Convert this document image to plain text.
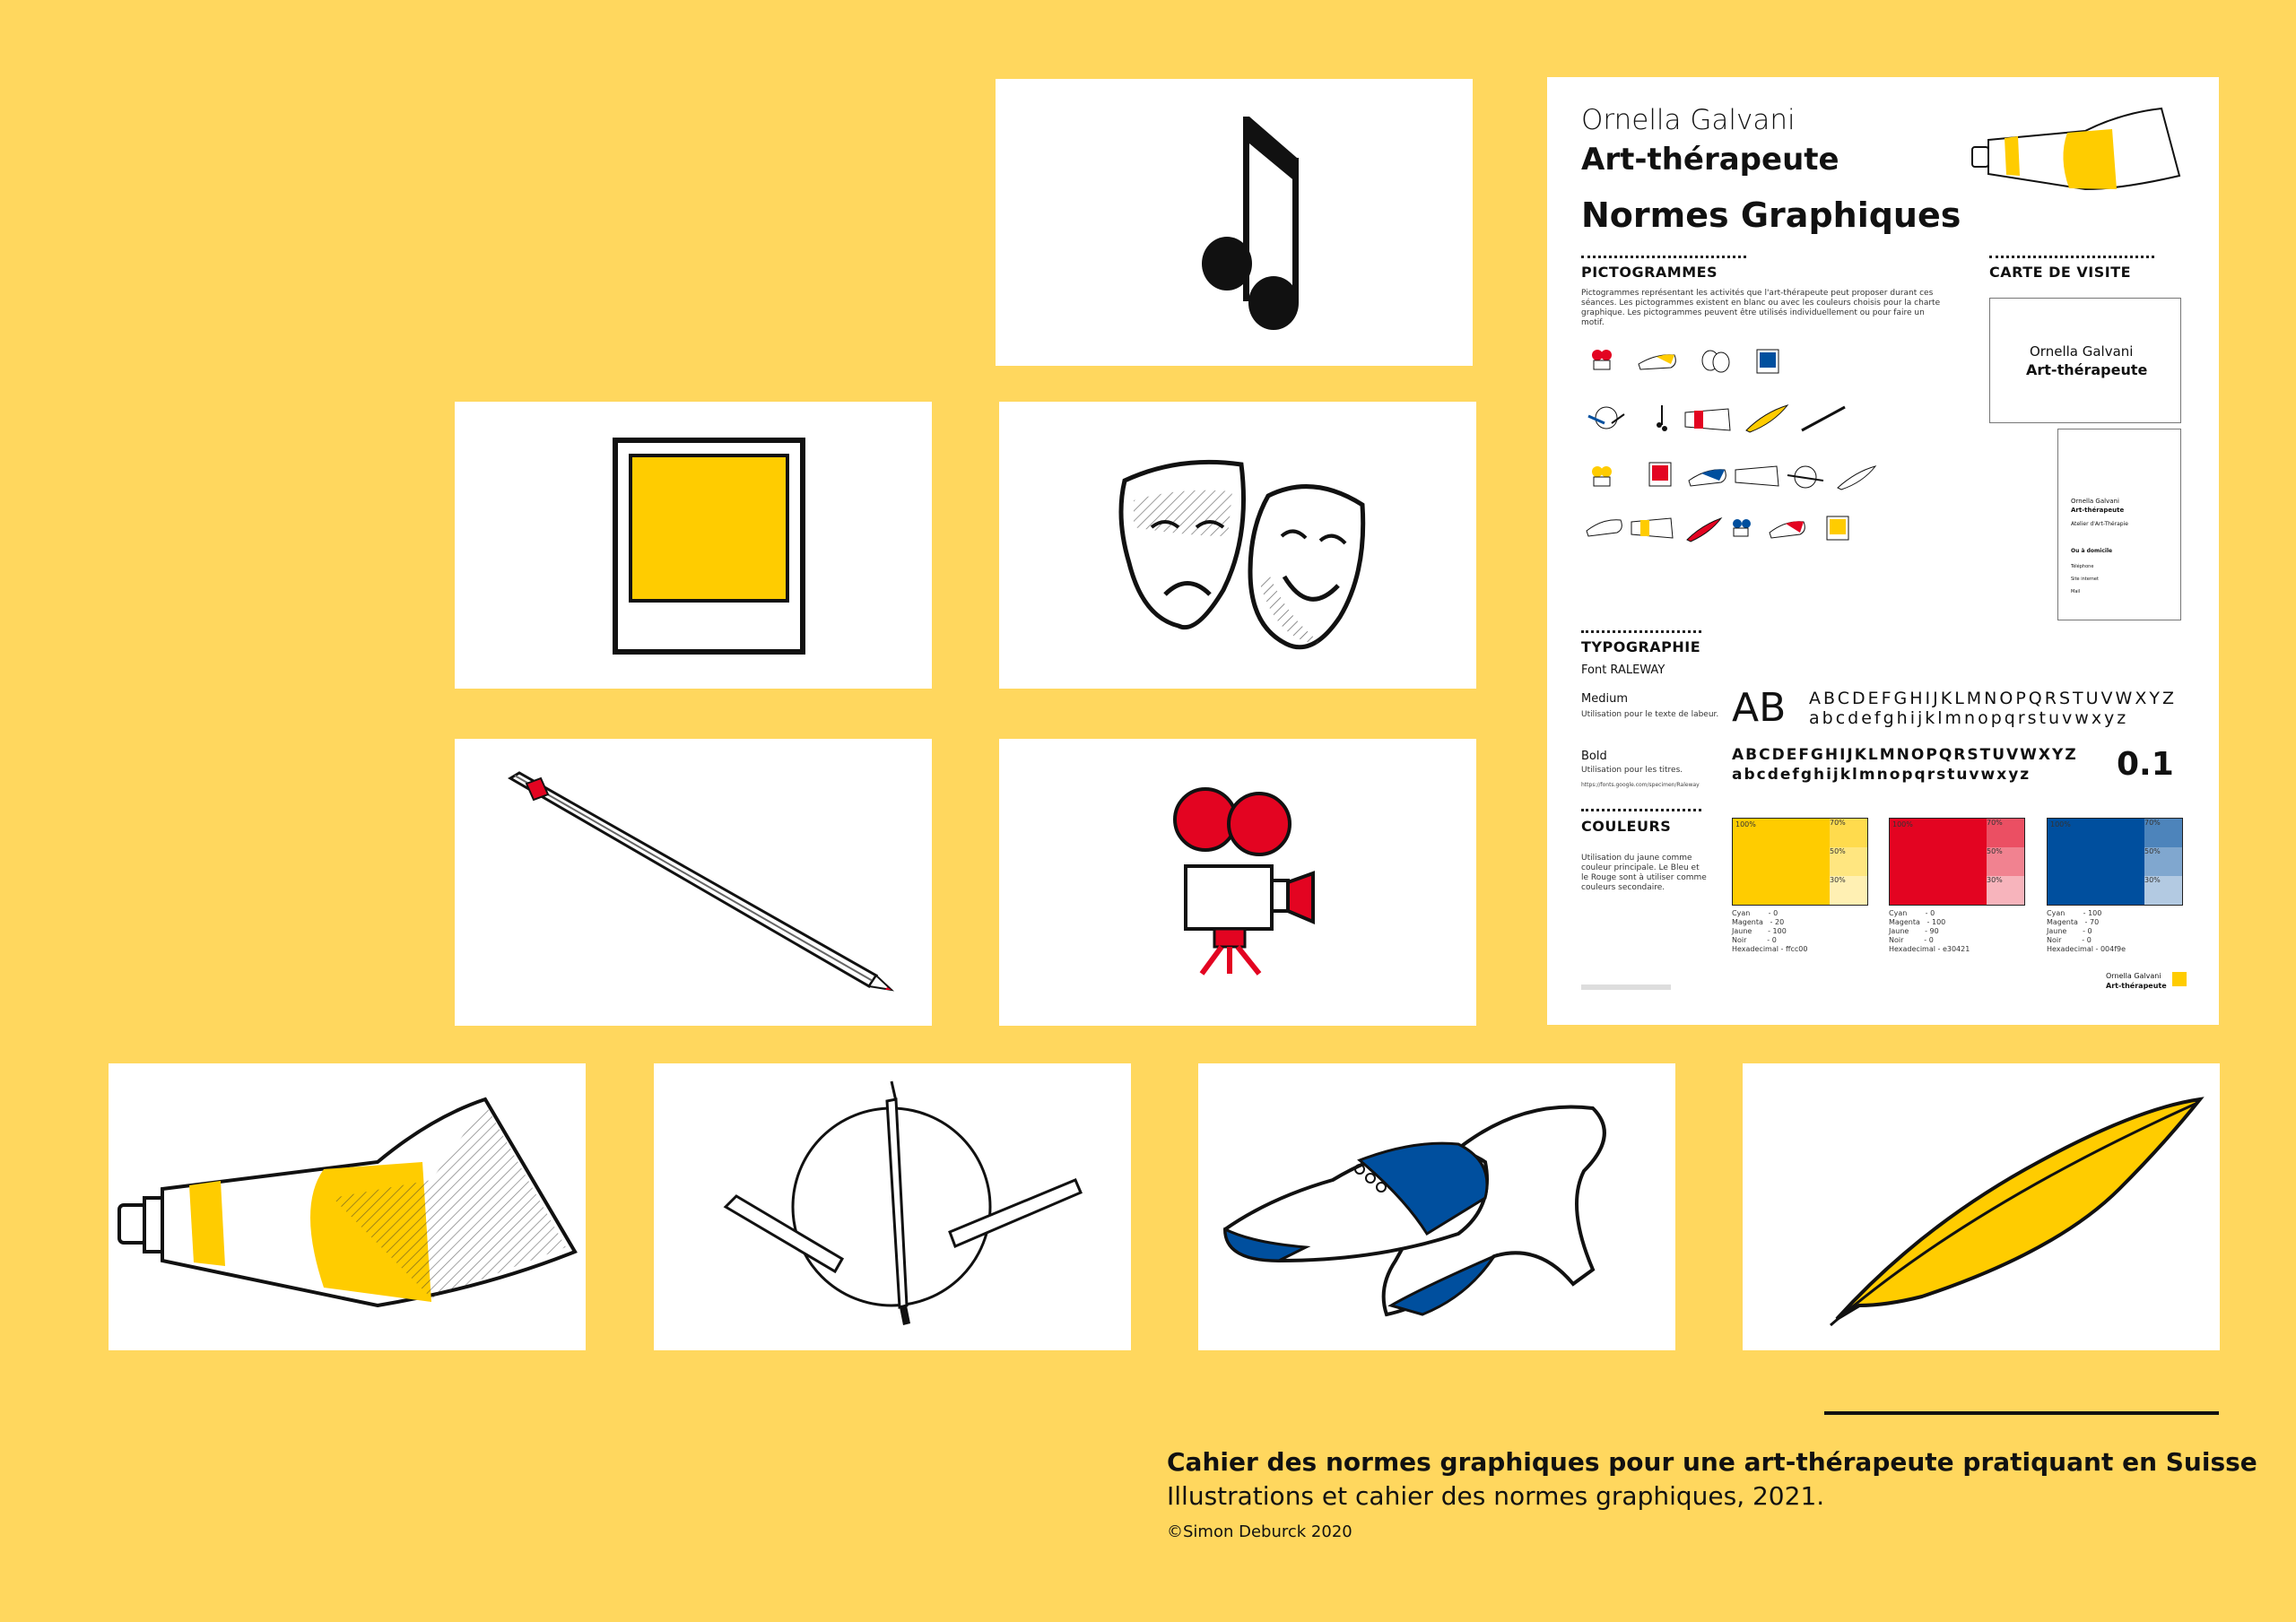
Ornella Galvani
Art-thérapeute
Normes Graphiques
PICTOGRAMMES
Pictogrammes représentant les activités que l'art-thérapeute peut proposer durant ces séances. Les pictogrammes existent en blanc ou avec les couleurs choisis pour la charte graphique. Les pictogrammes peuvent être utilisés individuellement ou pour faire un motif.
CARTE DE VISITE
Ornella Galvani
Art-thérapeute
Ornella Galvani
Art-thérapeute
Atelier d'Art-Thérapie
Ou à domicile
Téléphone
Site internet
Mail
TYPOGRAPHIE
Font RALEWAY
Medium
Utilisation pour le texte de labeur.
Bold
Utilisation pour les titres.
https://fonts.google.com/specimen/Raleway
AB ABCDEFGHIJKLMNOPQRSTUVWXYZ
abcdefghijklmnopqrstuvwxyz
ABCDEFGHIJKLMNOPQRSTUVWXYZ
abcdefghijklmnopqrstuvwxyz	0.1
COULEURS
Utilisation du jaune comme couleur principale. Le Bleu et le Rouge sont à utiliser comme couleurs secondaire.
70%
50%
30%
100%	70%
50%
30%
100%	70%
50%
30%
100%
Cyan        - 0
Magenta   - 20
Jaune       - 100
Noir         - 0
Hexadecimal - ffcc00
Cyan        - 0
Magenta   - 100
Jaune       - 90
Noir         - 0
Hexadecimal - e30421
Cyan        - 100
Magenta   - 70
Jaune       - 0
Noir         - 0
Hexadecimal - 004f9e
Ornella Galvani
Art-thérapeute
Cahier des normes graphiques pour une art-thérapeute pratiquant en Suisse
Illustrations et cahier des normes graphiques, 2021.
©Simon Deburck 2020
